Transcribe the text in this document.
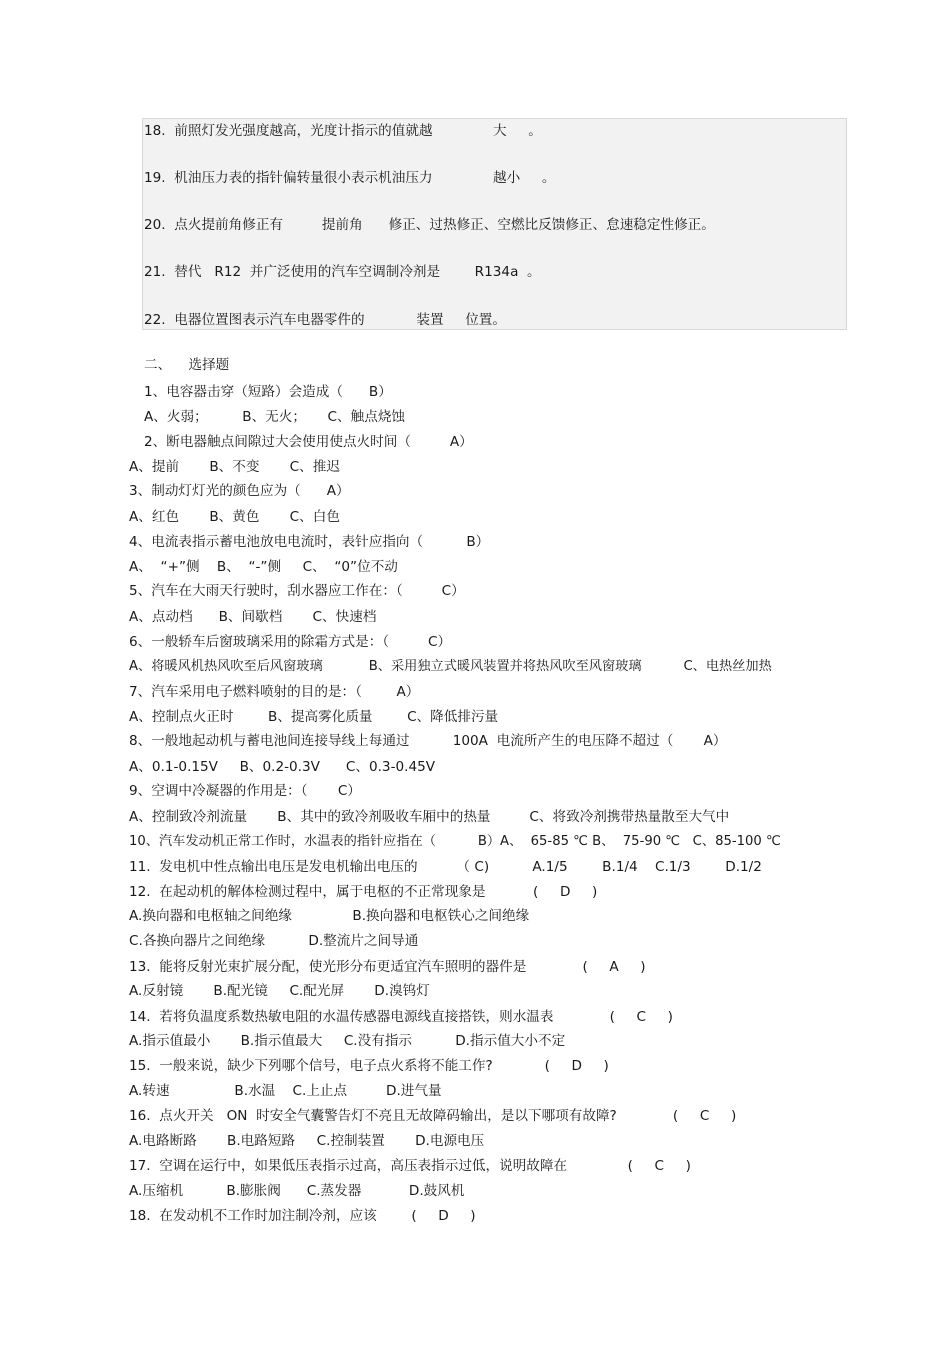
18.  前照灯发光强度越高，光度计指示的值就越              大     。
19.  机油压力表的指针偏转量很小表示机油压力              越小     。
20.  点火提前角修正有         提前角      修正、过热修正、空燃比反馈修正、怠速稳定性修正。
21.  替代   R12  并广泛使用的汽车空调制冷剂是        R134a  。
22.  电器位置图表示汽车电器零件的            装置     位置。
二、    选择题
1、电容器击穿（短路）会造成（      B）
A、火弱；        B、无火；     C、触点烧蚀
2、断电器触点间隙过大会使用使点火时间（         A）
A、提前       B、不变       C、推迟
3、制动灯灯光的颜色应为（      A）
A、红色       B、黄色       C、白色
4、电流表指示蓄电池放电电流时，表针应指向（          B）
A、  “+”侧    B、  “-”侧     C、  “0”位不动
5、汽车在大雨天行驶时，刮水器应工作在：（         C）
A、点动档      B、间歇档       C、快速档
6、一般轿车后窗玻璃采用的除霜方式是：（         C）
A、将暖风机热风吹至后风窗玻璃           B、采用独立式暖风装置并将热风吹至风窗玻璃          C、电热丝加热
7、汽车采用电子燃料喷射的目的是：（        A）
A、控制点火正时        B、提高雾化质量        C、降低排污量
8、一般地起动机与蓄电池间连接导线上每通过          100A  电流所产生的电压降不超过（       A）
A、0.1-0.15V     B、0.2-0.3V      C、0.3-0.45V
9、空调中冷凝器的作用是：（       C）
A、控制致冷剂流量       B、其中的致冷剂吸收车厢中的热量         C、将致冷剂携带热量散至大气中
10、汽车发动机正常工作时，水温表的指针应指在（          B）A、  65-85 ℃ B、  75-90 ℃   C、85-100 ℃
11.  发电机中性点输出电压是发电机输出电压的         （ C)          A.1/5        B.1/4    C.1/3        D.1/2
12.  在起动机的解体检测过程中，属于电枢的不正常现象是           (     D     )
A.换向器和电枢轴之间绝缘              B.换向器和电枢铁心之间绝缘
C.各换向器片之间绝缘          D.整流片之间导通
13.  能将反射光束扩展分配，使光形分布更适宜汽车照明的器件是             (     A     )
A.反射镜       B.配光镜     C.配光屏       D.溴钨灯
14.  若将负温度系数热敏电阻的水温传感器电源线直接搭铁，则水温表             (     C     )
A.指示值最小       B.指示值最大     C.没有指示          D.指示值大小不定
15.  一般来说，缺少下列哪个信号，电子点火系将不能工作?            (     D     )
A.转速               B.水温    C.上止点         D.进气量
16.  点火开关   ON  时安全气囊警告灯不亮且无故障码输出，是以下哪项有故障?             (     C     )
A.电路断路       B.电路短路     C.控制装置       D.电源电压
17.  空调在运行中，如果低压表指示过高，高压表指示过低，说明故障在              (     C     )
A.压缩机          B.膨胀阀      C.蒸发器           D.鼓风机
18.  在发动机不工作时加注制冷剂，应该        (     D     )
